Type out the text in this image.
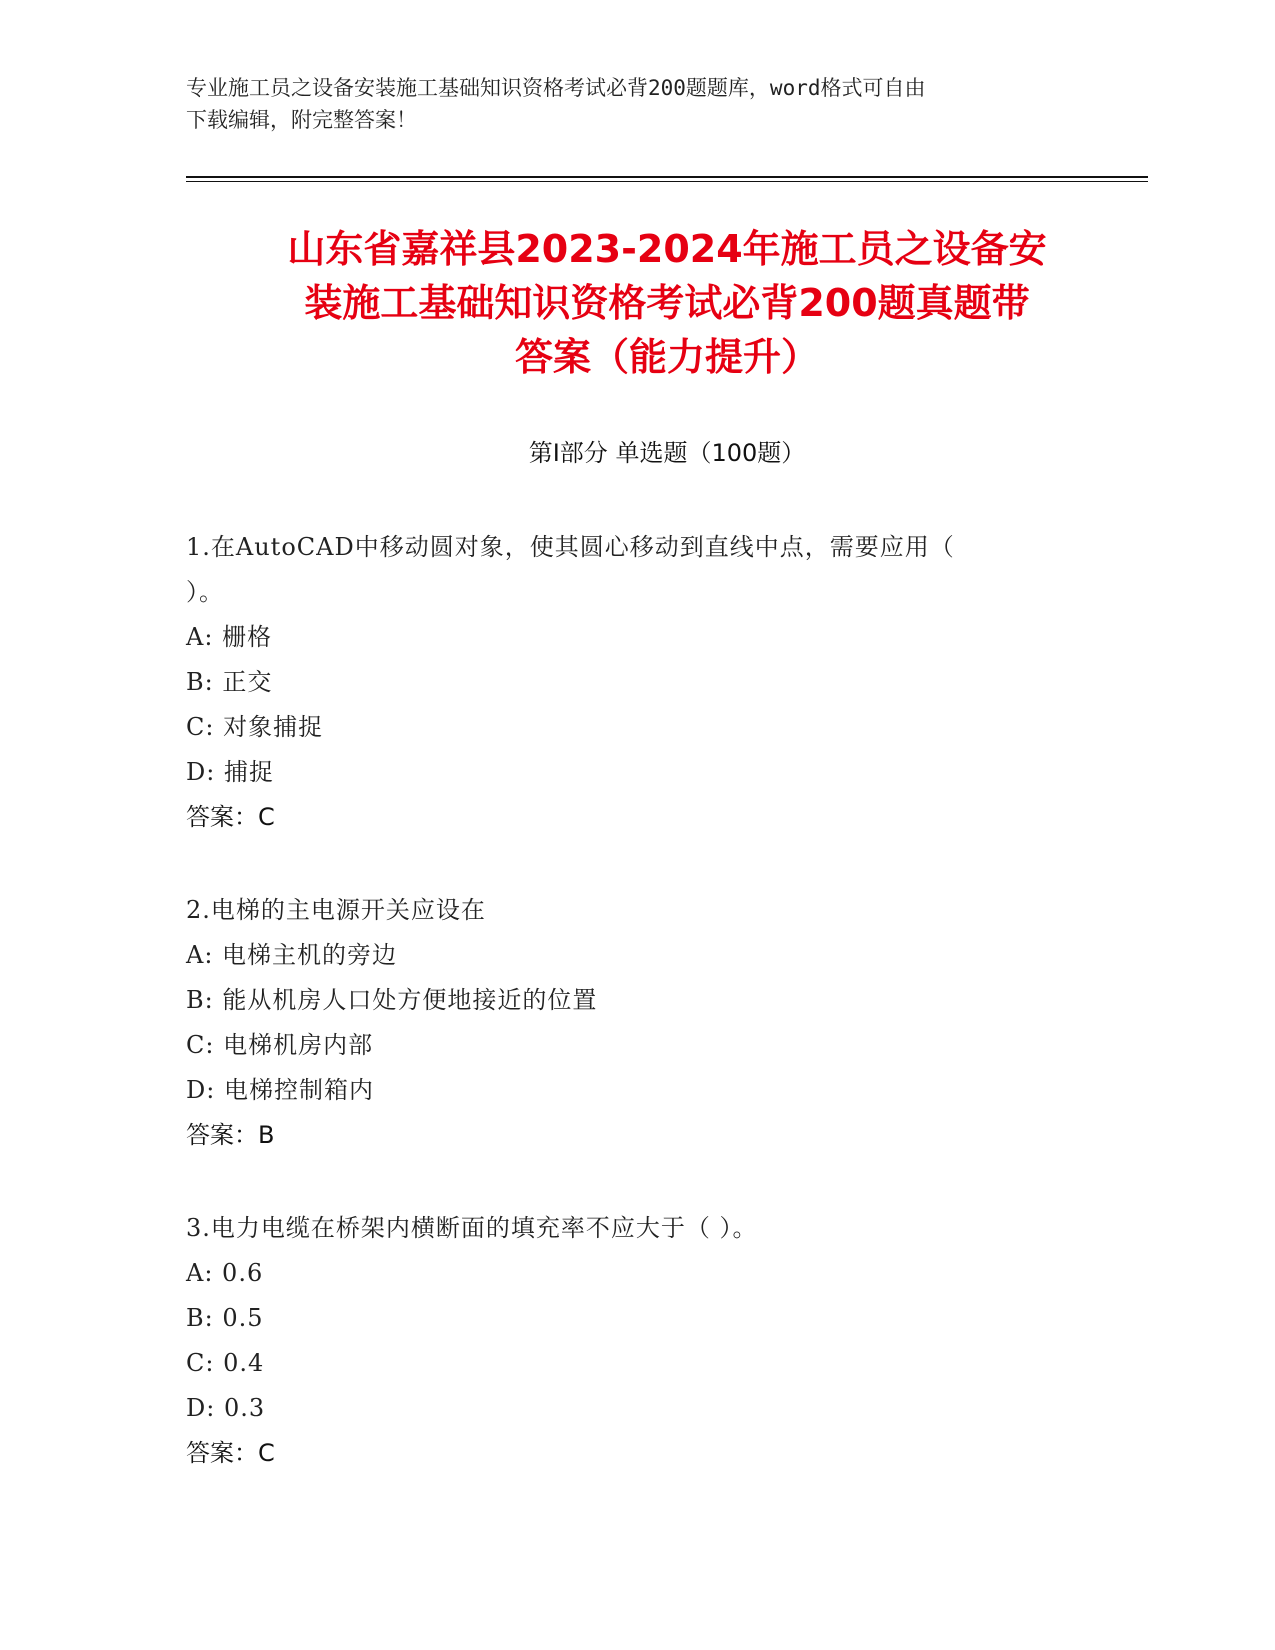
专业施工员之设备安装施工基础知识资格考试必背200题题库，word格式可自由
下载编辑，附完整答案！
山东省嘉祥县2023-2024年施工员之设备安
装施工基础知识资格考试必背200题真题带
答案（能力提升）
第Ⅰ部分 单选题（100题）
1.在AutoCAD中移动圆对象，使其圆心移动到直线中点，需要应用（
）。
A: 栅格
B: 正交
C: 对象捕捉
D: 捕捉
答案：C
2.电梯的主电源开关应设在
A: 电梯主机的旁边
B: 能从机房人口处方便地接近的位置
C: 电梯机房内部
D: 电梯控制箱内
答案：B
3.电力电缆在桥架内横断面的填充率不应大于（ ）。
A: 0.6
B: 0.5
C: 0.4
D: 0.3
答案：C
